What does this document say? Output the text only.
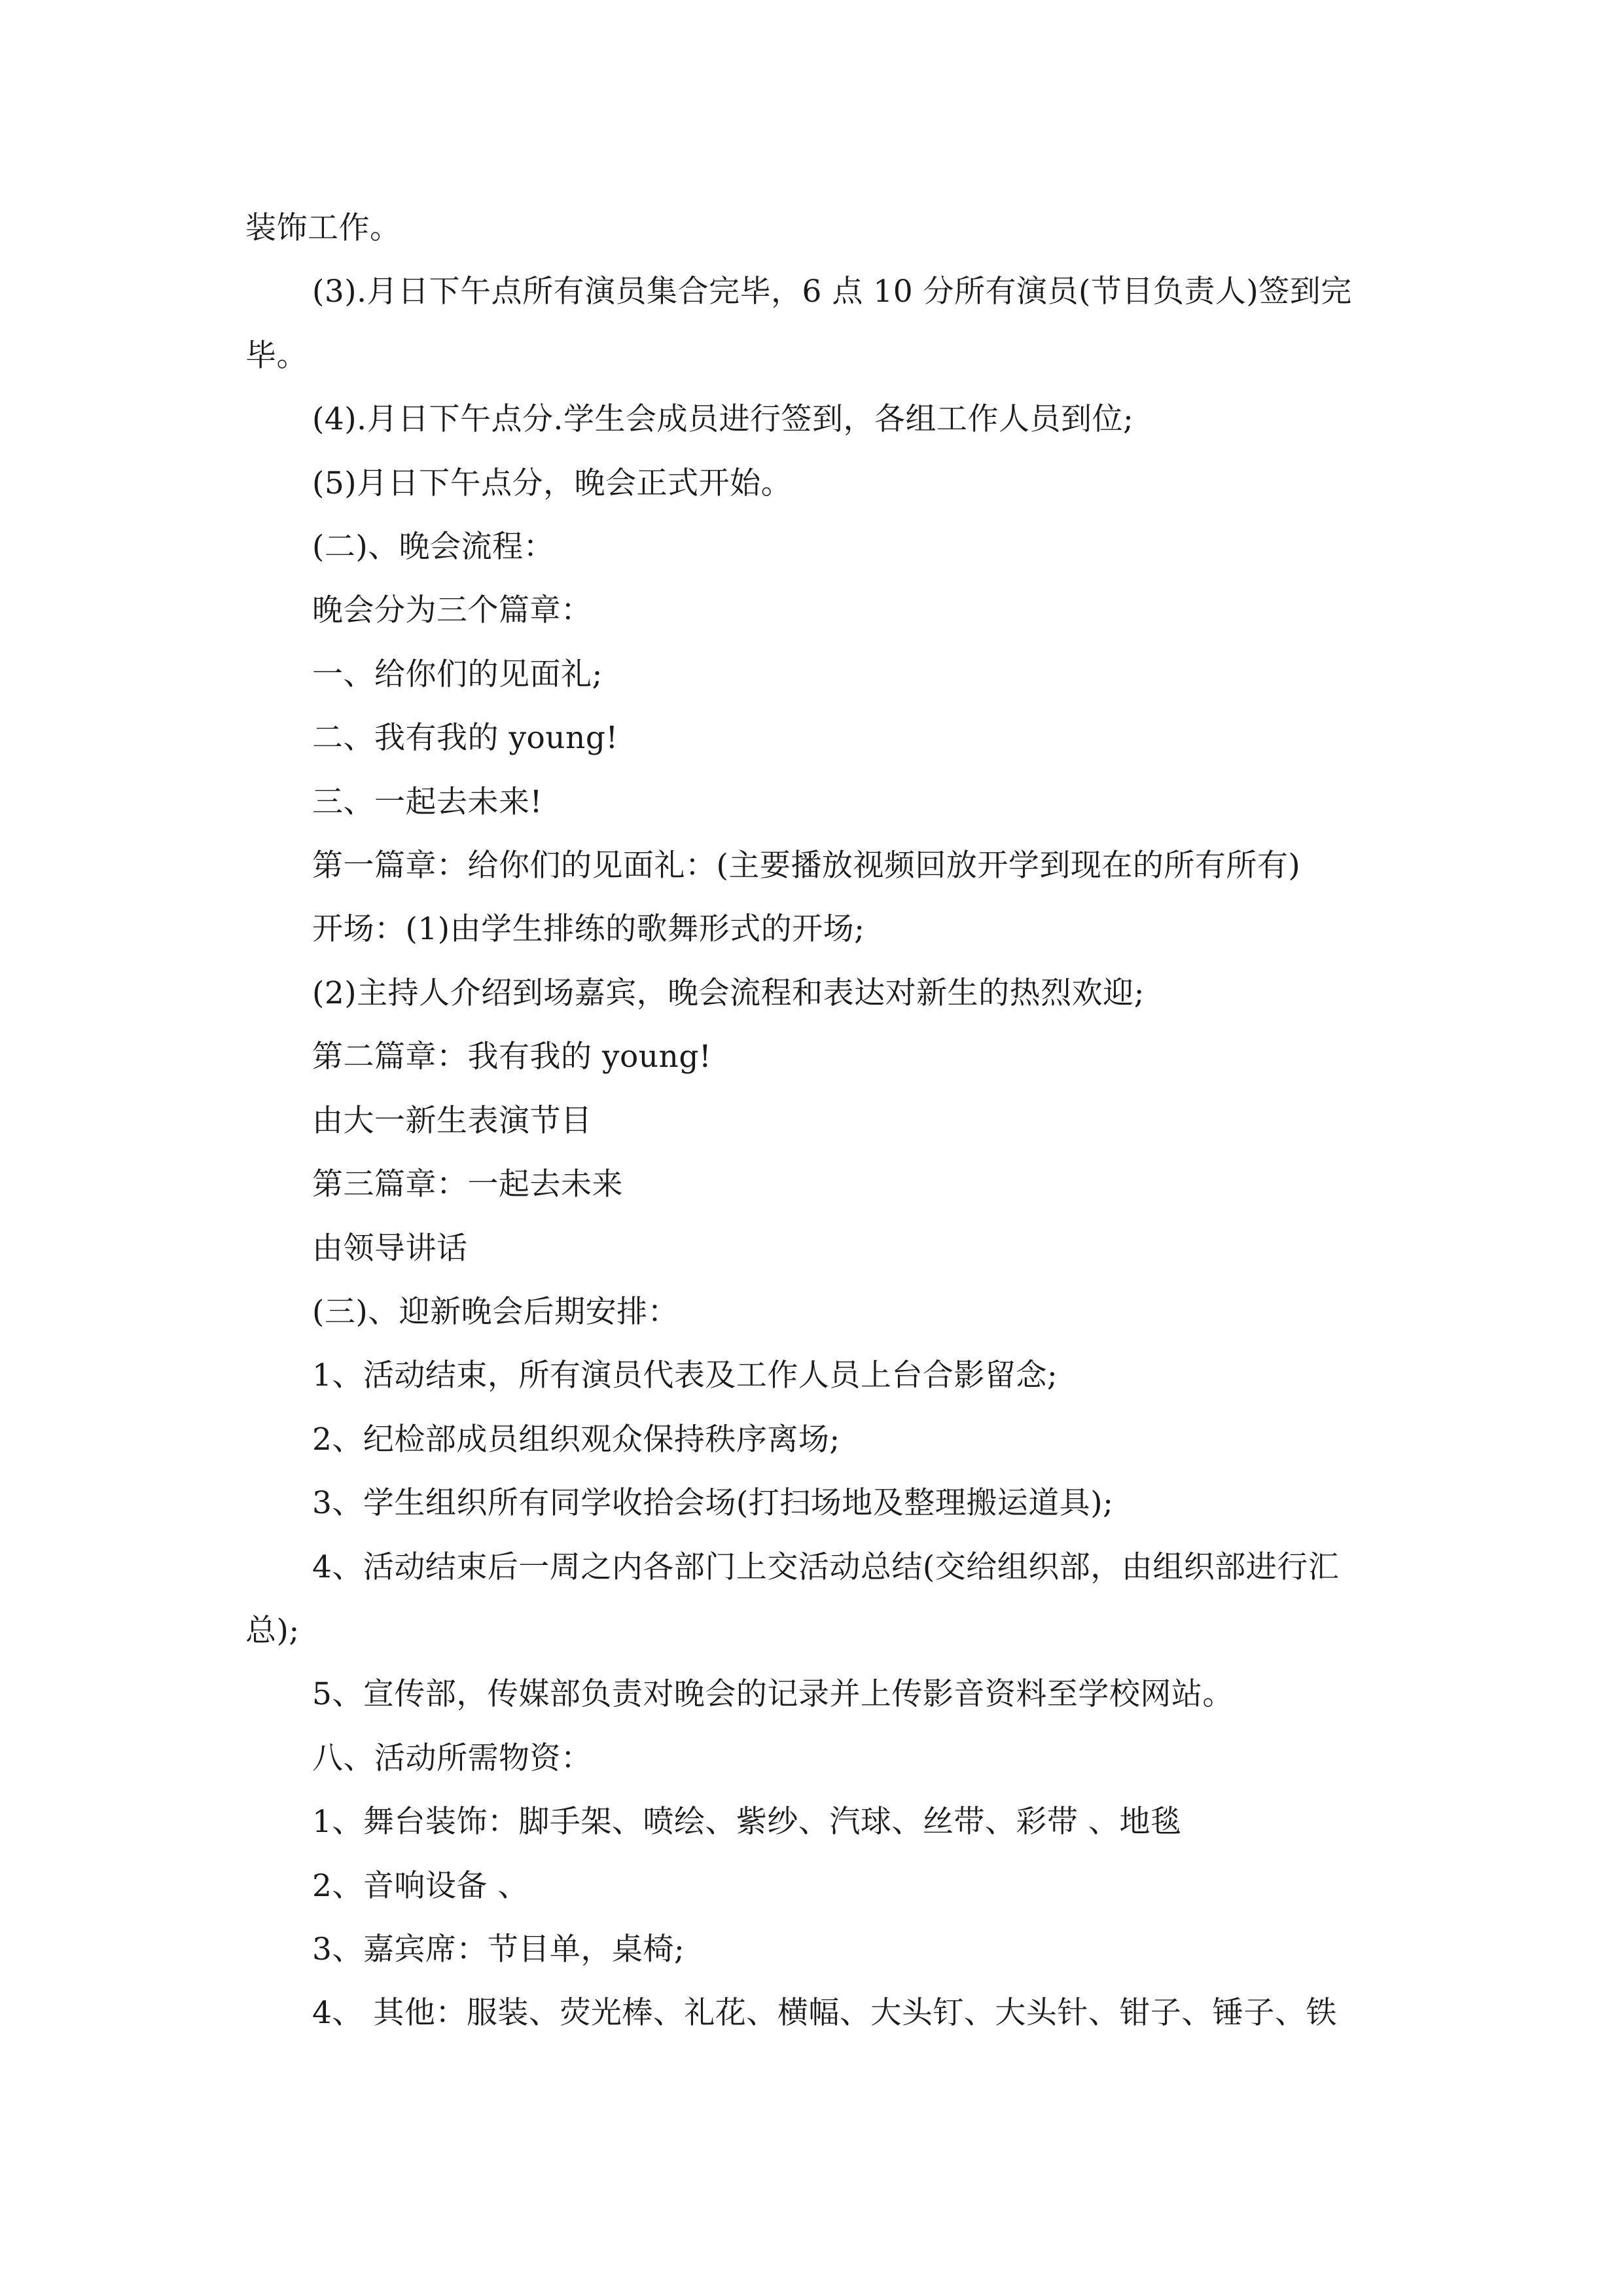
装饰工作。

(3).月日下午点所有演员集合完毕，6 点 10 分所有演员(节目负责人)签到完毕。

(4).月日下午点分.学生会成员进行签到，各组工作人员到位;

(5)月日下午点分，晚会正式开始。

(二)、晚会流程：

晚会分为三个篇章：

一、给你们的见面礼;

二、我有我的 young!

三、一起去未来!

第一篇章：给你们的见面礼：(主要播放视频回放开学到现在的所有所有)

开场：(1)由学生排练的歌舞形式的开场;

(2)主持人介绍到场嘉宾，晚会流程和表达对新生的热烈欢迎;

第二篇章：我有我的 young!

由大一新生表演节目

第三篇章：一起去未来

由领导讲话

(三)、迎新晚会后期安排：

1、活动结束，所有演员代表及工作人员上台合影留念;

2、纪检部成员组织观众保持秩序离场;

3、学生组织所有同学收拾会场(打扫场地及整理搬运道具);

4、活动结束后一周之内各部门上交活动总结(交给组织部，由组织部进行汇总);

5、宣传部，传媒部负责对晚会的记录并上传影音资料至学校网站。

八、活动所需物资：

1、舞台装饰：脚手架、喷绘、紫纱、汽球、丝带、彩带 、地毯

2、音响设备 、

3、嘉宾席：节目单，桌椅;

4、 其他：服装、荧光棒、礼花、横幅、大头钉、大头针、钳子、锤子、铁
